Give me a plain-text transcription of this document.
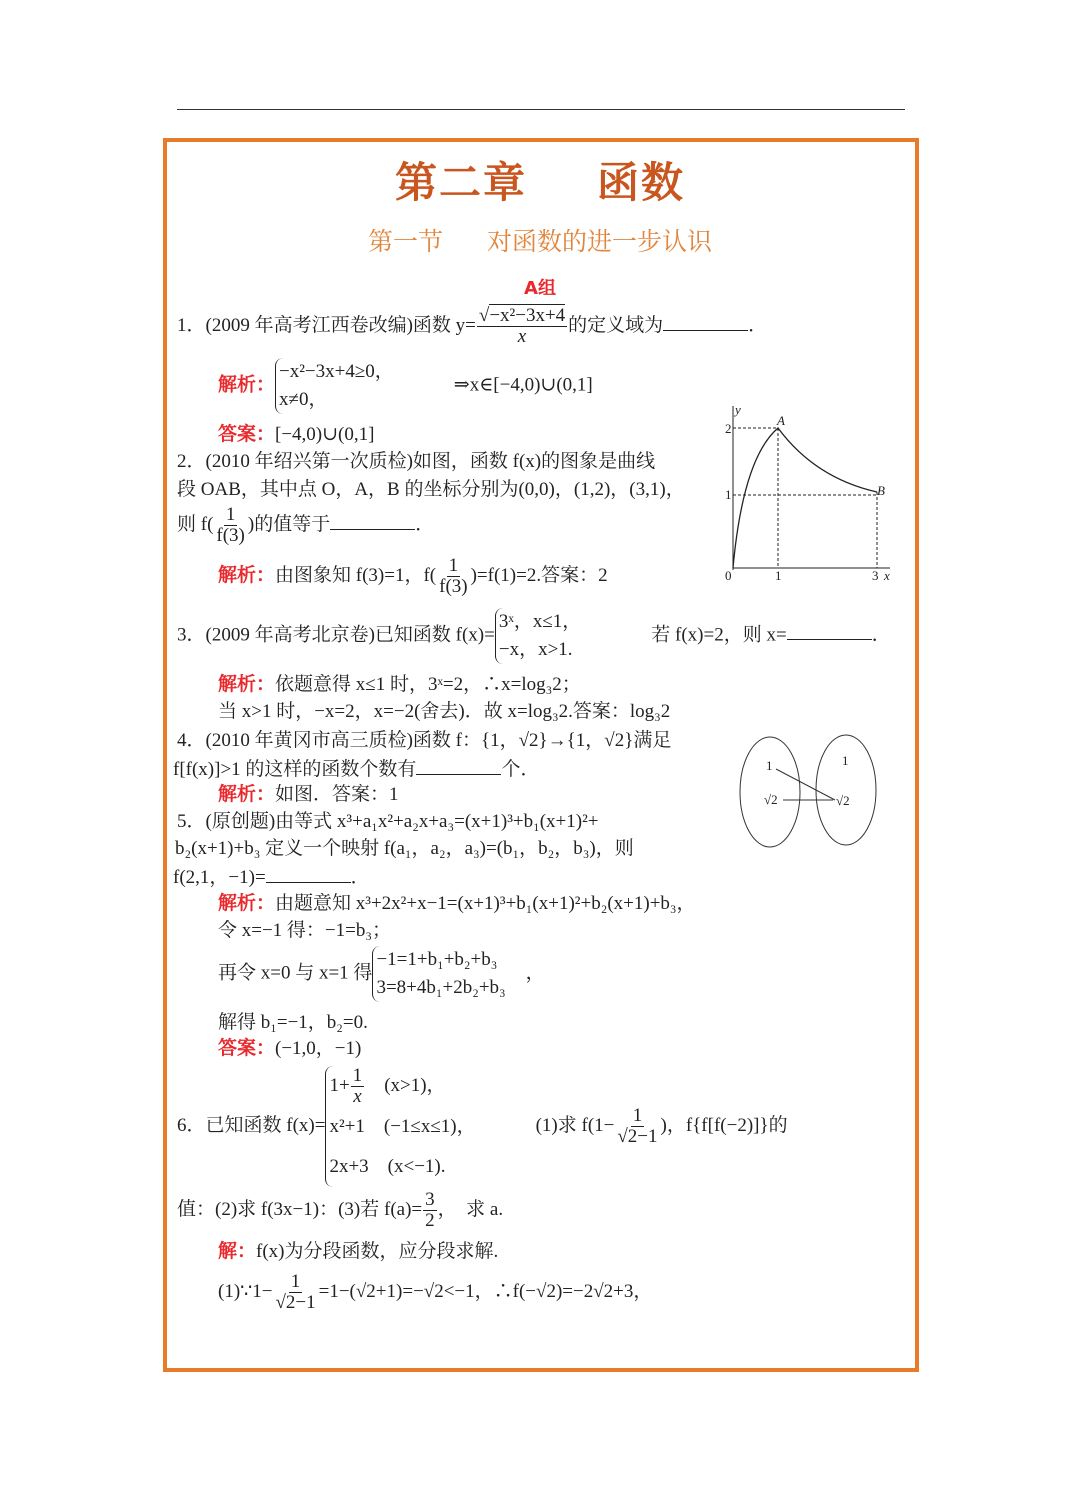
第二章 函数
第一节 对函数的进一步认识
A组
1．(2009 年高考江西卷改编)函数 $y= \frac{\text{√−x²−3x+4}}{x}$ 的定义域为	．
解析：
−x²−3x+4≥0，
x≠0，
⇒x∈[−4,0)∪(0,1]
答案：[−4,0)∪(0,1]
2．(2010 年绍兴第一次质检)如图，函数 f(x)的图象是曲线
段 OAB，其中点 O，A，B 的坐标分别为(0,0)，(1,2)，(3,1)，
则 $f( \frac{1}{f(3)}$ )的值等于	．
解析：由图象知 f(3)=1，$f( \frac{1}{f(3)} )=f(1)=2$.答案：2
y
2
1
A
B
0	1	3 x
3．(2009 年高考北京卷)已知函数 f(x)=
3ˣ，x≤1，
−x，x>1.
若 f(x)=2，则 x=	．
解析：依题意得 x≤1 时，3ˣ=2，∴x=log₃2；
当 x>1 时，−x=2，x=−2(舍去)．故 x=log₃2.答案：log₃2
4．(2010 年黄冈市高三质检)函数 f：{1，√2}→{1，√2}满足
f[f(x)]>1 的这样的函数个数有	个．
解析：如图．答案：1
1
√2
1
√2
5．(原创题)由等式 x³+a₁x²+a₂x+a₃=(x+1)³+b₁(x+1)²+
b₂(x+1)+b₃ 定义一个映射 f(a₁，a₂，a₃)=(b₁，b₂，b₃)，则
f(2,1，−1)=	．
解析：由题意知 x³+2x²+x−1=(x+1)³+b₁(x+1)²+b₂(x+1)+b₃，
令 x=−1 得：−1=b₃；
再令 x=0 与 x=1 得
−1=1+b₁+b₂+b₃
3=8+4b₁+2b₂+b₃
，
解得 b₁=−1，b₂=0.
答案：(−1,0，−1)
6．已知函数 f(x)=
$1+ \frac{1}{x}$
　 (x>1)，
x²+1　(−1≤x≤1)，
2x+3　(x<−1).
(1)求 $f(1- \frac{1}{√2-1}$ )，f{f[f(−2)]}的
值：(2)求 f(3x−1)：(3)若 $f(a)= \frac{3}{2}$ ，　求 a.
解：f(x)为分段函数，应分段求解.
(1)∵1− $\frac{1}{√2-1} =1-(√2+1)=-√2<-1$，∴f(−√2)=−2√2+3，
